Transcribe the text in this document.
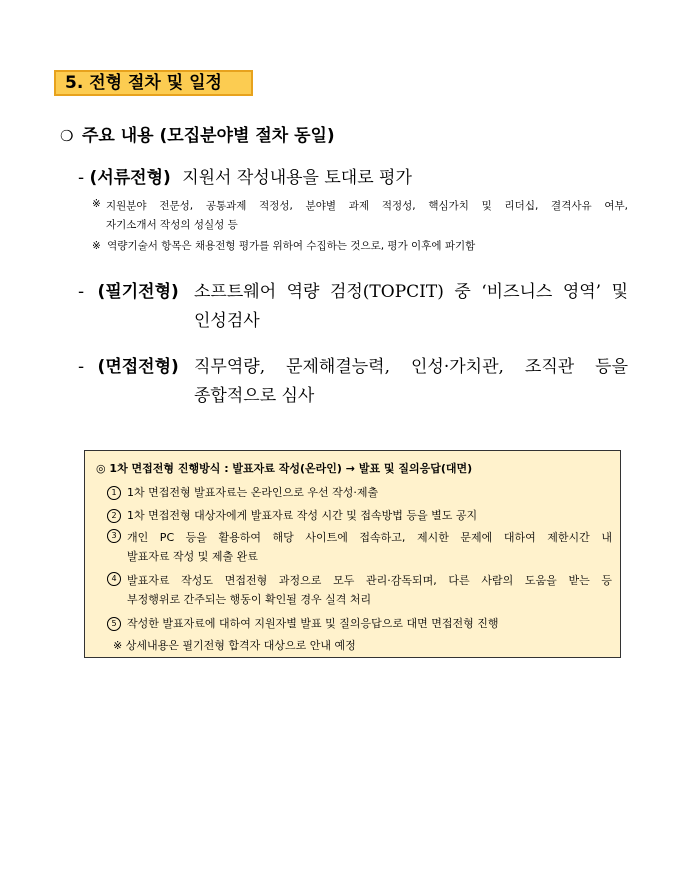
5. 전형 절차 및 일정
❍ 주요 내용 (모집분야별 절차 동일)
- (서류전형) 지원서 작성내용을 토대로 평가
※ 지원분야 전문성, 공통과제 적정성, 분야별 과제 적정성, 핵심가치 및 리더십, 결격사유 여부,
자기소개서 작성의 성실성 등
※ 역량기술서 항목은 채용전형 평가를 위하여 수집하는 것으로, 평가 이후에 파기함
- (필기전형) 소프트웨어 역량 검정(TOPCIT) 중 ‘비즈니스 영역’ 및
인성검사
- (면접전형) 직무역량, 문제해결능력, 인성·가치관, 조직관 등을
종합적으로 심사
◎ 1차 면접전형 진행방식 : 발표자료 작성(온라인) → 발표 및 질의응답(대면)
1 1차 면접전형 발표자료는 온라인으로 우선 작성·제출
2 1차 면접전형 대상자에게 발표자료 작성 시간 및 접속방법 등을 별도 공지
3 개인 PC 등을 활용하여 해당 사이트에 접속하고, 제시한 문제에 대하여 제한시간 내
발표자료 작성 및 제출 완료
4 발표자료 작성도 면접전형 과정으로 모두 관리·감독되며, 다른 사람의 도움을 받는 등
부정행위로 간주되는 행동이 확인될 경우 실격 처리
5 작성한 발표자료에 대하여 지원자별 발표 및 질의응답으로 대면 면접전형 진행
※ 상세내용은 필기전형 합격자 대상으로 안내 예정
